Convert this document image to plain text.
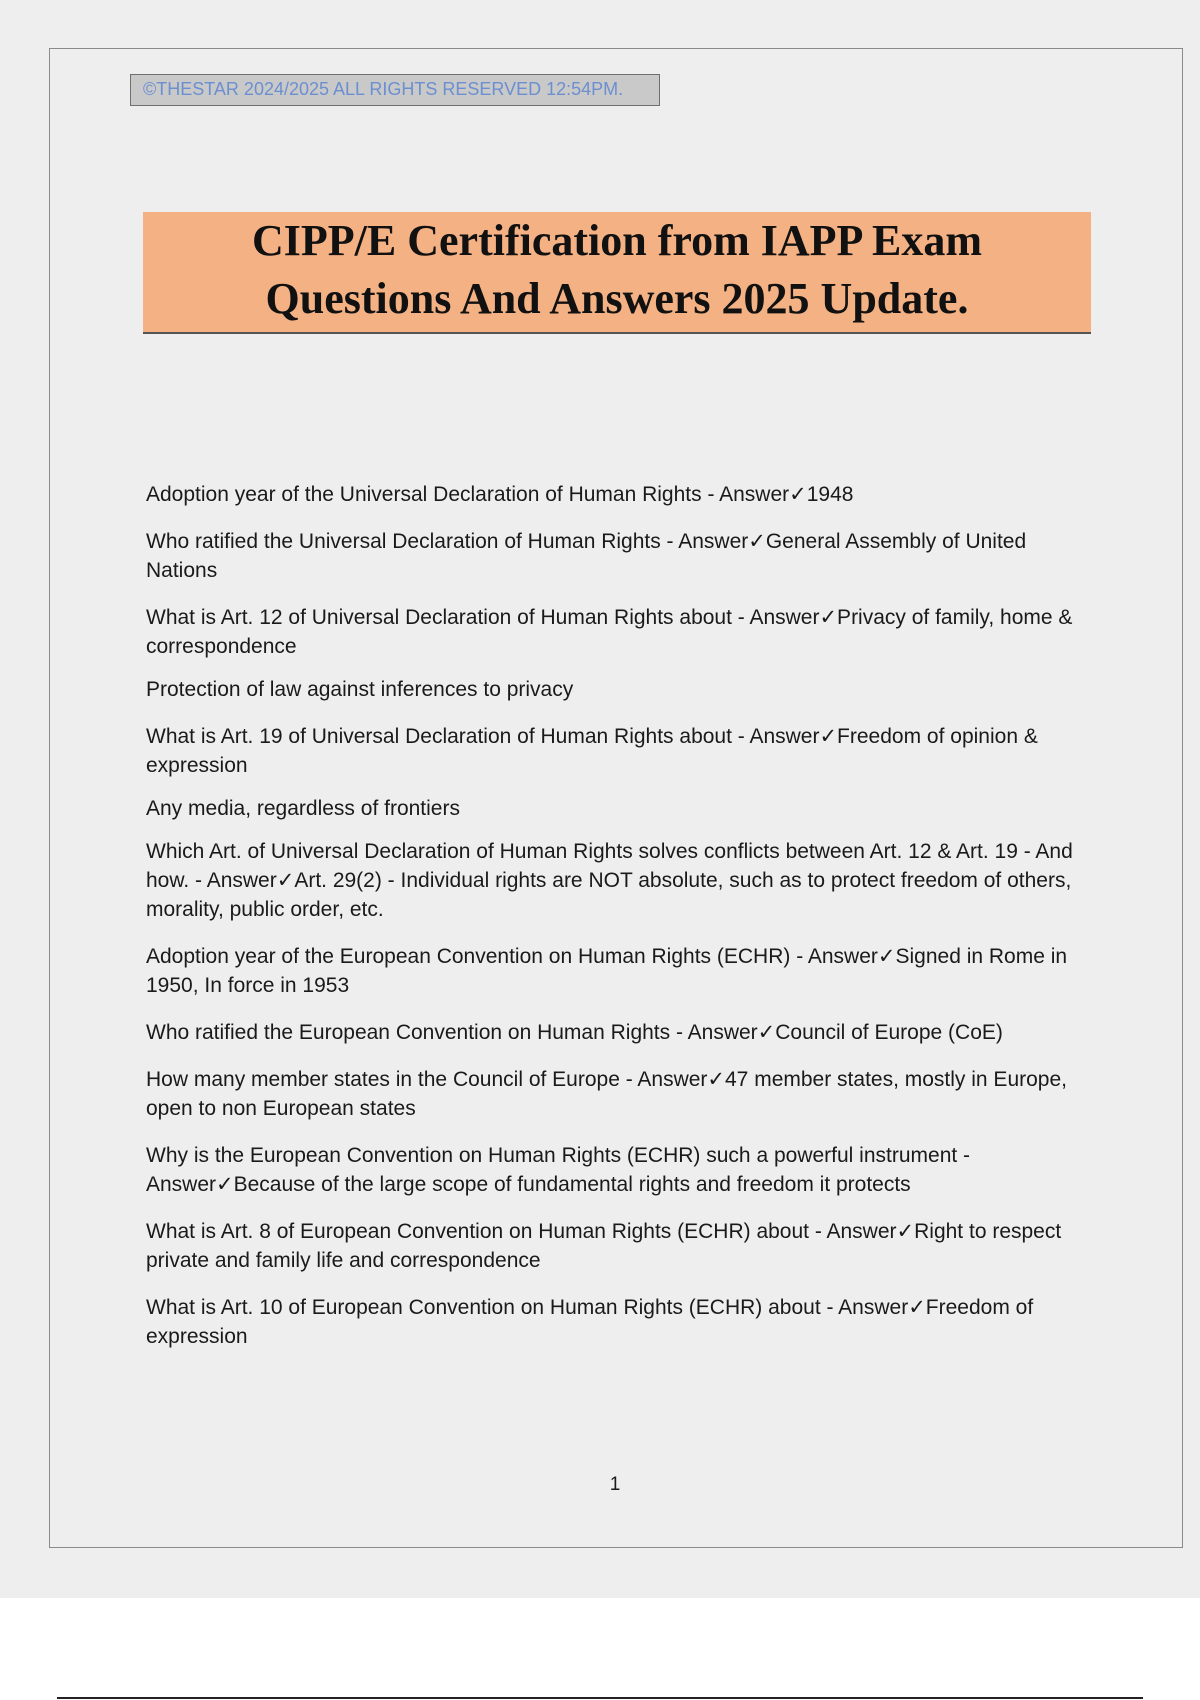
©THESTAR 2024/2025 ALL RIGHTS RESERVED 12:54PM.
CIPP/E Certification from IAPP Exam
Questions And Answers 2025 Update.

Adoption year of the Universal Declaration of Human Rights - Answer✓1948

Who ratified the Universal Declaration of Human Rights - Answer✓General Assembly of United Nations

What is Art. 12 of Universal Declaration of Human Rights about - Answer✓Privacy of family, home & correspondence

Protection of law against inferences to privacy

What is Art. 19 of Universal Declaration of Human Rights about - Answer✓Freedom of opinion & expression

Any media, regardless of frontiers

Which Art. of Universal Declaration of Human Rights solves conflicts between Art. 12 & Art. 19 - And how. - Answer✓Art. 29(2) - Individual rights are NOT absolute, such as to protect freedom of others, morality, public order, etc.

Adoption year of the European Convention on Human Rights (ECHR) - Answer✓Signed in Rome in 1950, In force in 1953

Who ratified the European Convention on Human Rights - Answer✓Council of Europe (CoE)

How many member states in the Council of Europe - Answer✓47 member states, mostly in Europe, open to non European states

Why is the European Convention on Human Rights (ECHR) such a powerful instrument - Answer✓Because of the large scope of fundamental rights and freedom it protects

What is Art. 8 of European Convention on Human Rights (ECHR) about - Answer✓Right to respect private and family life and correspondence

What is Art. 10 of European Convention on Human Rights (ECHR) about - Answer✓Freedom of expression

1
